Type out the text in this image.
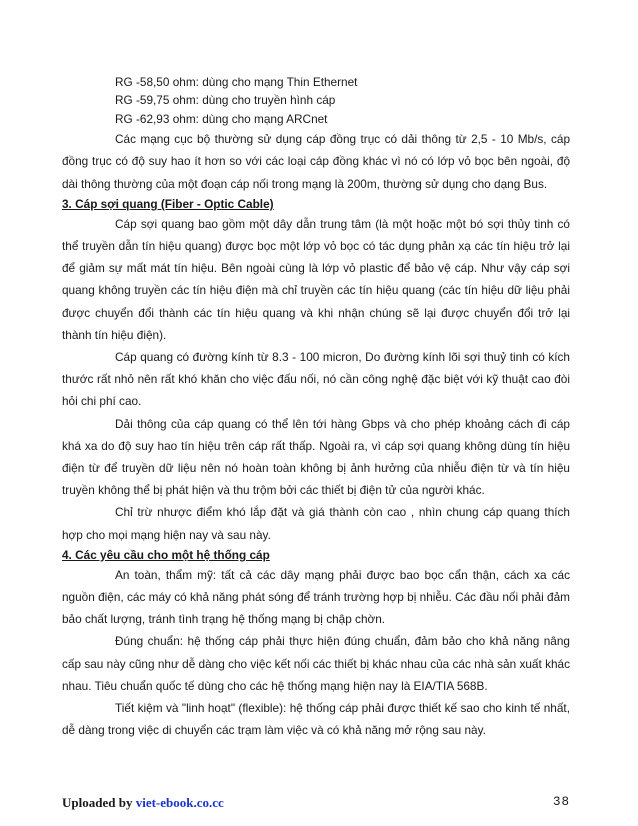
RG -58,50 ohm: dùng cho mạng Thin Ethernet

RG -59,75 ohm: dùng cho truyền hình cáp

RG -62,93 ohm: dùng cho mạng ARCnet

Các mạng cục bộ thường sử dụng cáp đồng trục có dải thông từ 2,5 - 10 Mb/s, cáp đồng trục có độ suy hao ít hơn so với các loại cáp đồng khác vì nó có lớp vỏ bọc bên ngoài, độ dài thông thường của một đoạn cáp nối trong mạng là 200m, thường sử dụng cho dạng Bus.

3. Cáp sợi quang (Fiber - Optic Cable)

Cáp sợi quang bao gồm một dây dẫn trung tâm (là một hoặc một bó sợi thủy tinh có thể truyền dẫn tín hiệu quang) được bọc một lớp vỏ bọc có tác dụng phản xạ các tín hiệu trở lại để giảm sự mất mát tín hiệu. Bên ngoài cùng là lớp vỏ plastic để bảo vệ cáp. Như vậy cáp sợi quang không truyền các tín hiệu điện mà chỉ truyền các tín hiệu quang (các tín hiệu dữ liệu phải được chuyển đổi thành các tín hiệu quang và khi nhận chúng sẽ lại được chuyển đổi trở lại thành tín hiệu điện).

Cáp quang có đường kính từ 8.3 - 100 micron, Do đường kính lõi sợi thuỷ tinh có kích thước rất nhỏ nên rất khó khăn cho việc đấu nối, nó cần công nghệ đặc biệt với kỹ thuật cao đòi hỏi chi phí cao.

Dải thông của cáp quang có thể lên tới hàng Gbps và cho phép khoảng cách đi cáp khá xa do độ suy hao tín hiệu trên cáp rất thấp. Ngoài ra, vì cáp sợi quang không dùng tín hiệu điện từ để truyền dữ liệu nên nó hoàn toàn không bị ảnh hưởng của nhiễu điện từ và tín hiệu truyền không thể bị phát hiện và thu trộm bởi các thiết bị điện tử của người khác.

Chỉ trừ nhược điểm khó lắp đặt và giá thành còn cao , nhìn chung cáp quang thích hợp cho mọi mạng hiện nay và sau này.

4. Các yêu cầu cho một hệ thống cáp

An toàn, thẩm mỹ: tất cả các dây mạng phải được bao bọc cẩn thận, cách xa các nguồn điện, các máy có khả năng phát sóng để tránh trường hợp bị nhiễu. Các đầu nối phải đảm bảo chất lượng, tránh tình trạng hệ thống mạng bị chập chờn.

Đúng chuẩn: hệ thống cáp phải thực hiện đúng chuẩn, đảm bảo cho khả năng nâng cấp sau này cũng như dễ dàng cho việc kết nối các thiết bị khác nhau của các nhà sản xuất khác nhau. Tiêu chuẩn quốc tế dùng cho các hệ thống mạng hiện nay là EIA/TIA 568B.

Tiết kiệm và "linh hoạt" (flexible): hệ thống cáp phải được thiết kế sao cho kinh tế nhất, dễ dàng trong việc di chuyển các trạm làm việc và có khả năng mở rộng sau này.

Uploaded by viet-ebook.co.cc	38
